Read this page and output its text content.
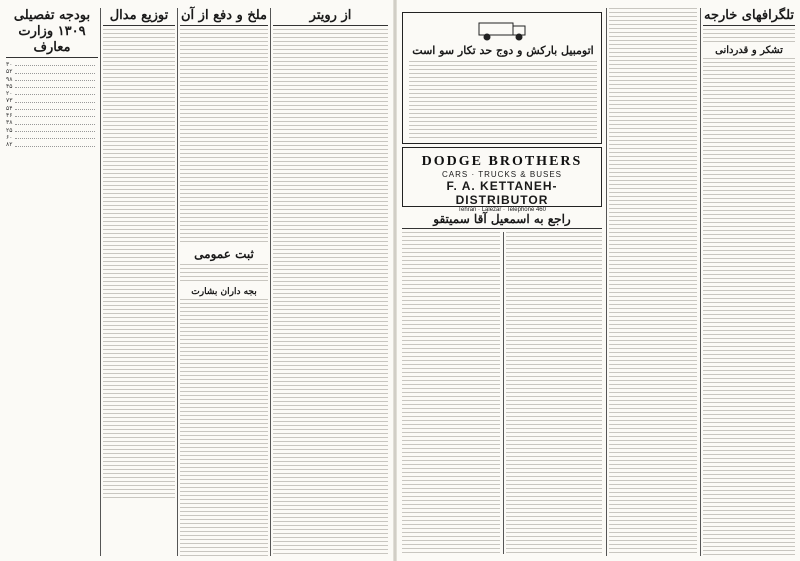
بودجه تفصیلی ۱۳۰۹ وزارت معارف
۳۰
۵۲
۹۸
۴۵
۲۰
۷۳
۵۴
۴۶
۳۸
۲۵
۶۰
۸۲

توزیع مدال ملخ و دفع از آن
ثبت عمومی
بجه داران بشارت
از رویتر
اتومبیل بارکش و دوج حد تکار سو است
DODGE BROTHERS
CARS · TRUCKS & BUSES
F. A. KETTANEH-DISTRIBUTOR
Tehran · Lalezar · Telephone 460
راجع به اسمعیل آقا سمیتقو
تلگرافهای خارجه
تشکر و قدردانی
